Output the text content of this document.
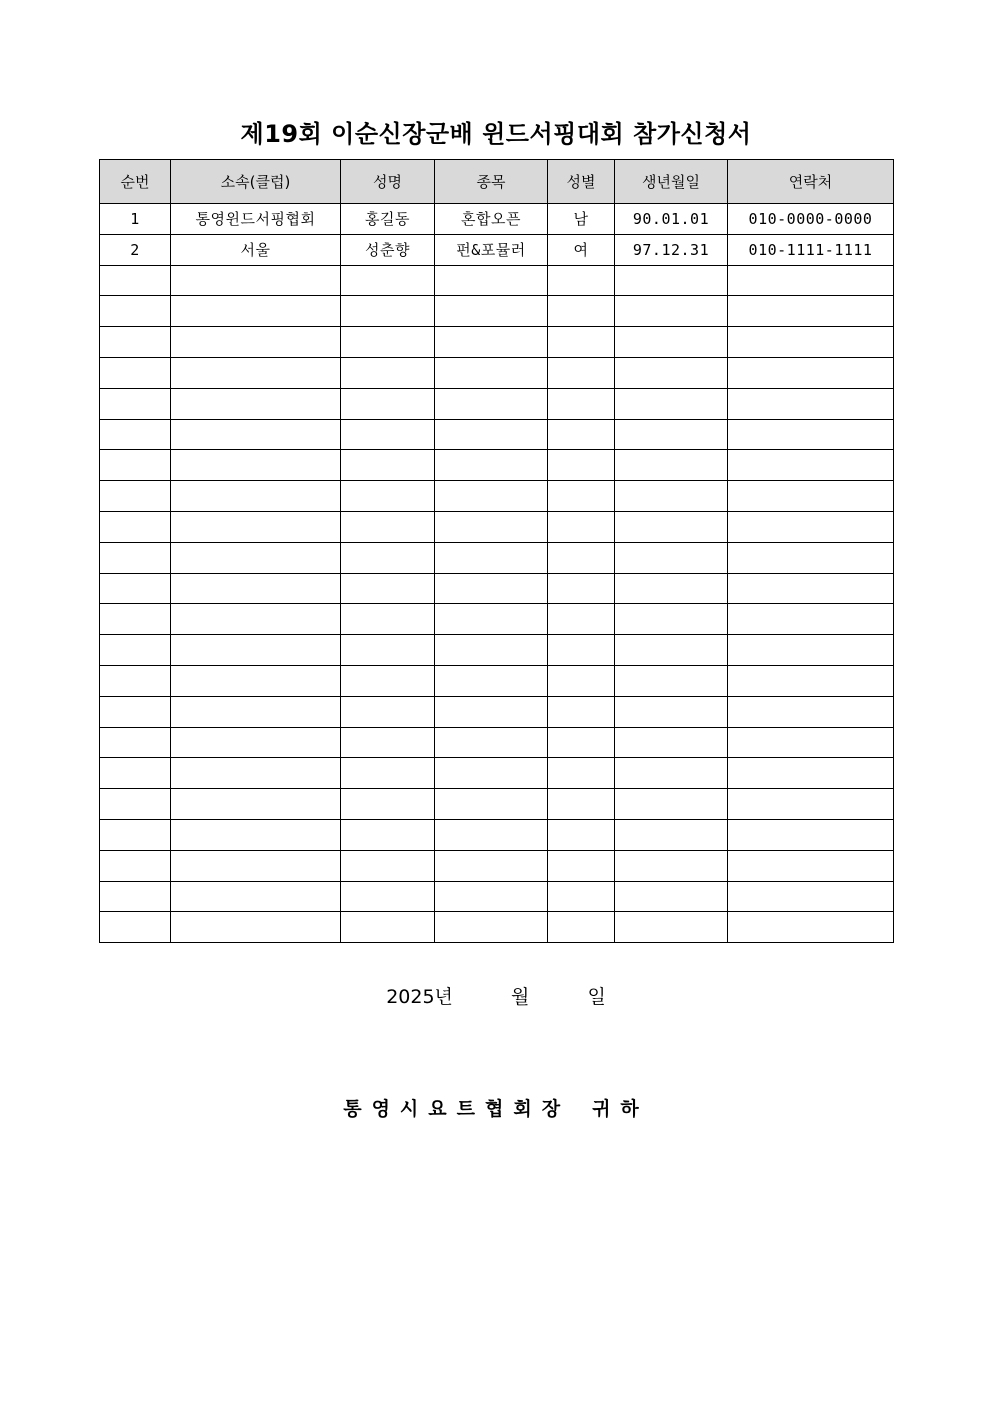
제19회 이순신장군배 윈드서핑대회 참가신청서
순번	소속(클럽)	성명	종목	성별	생년월일	연락처
1	통영윈드서핑협회	홍길동	혼합오픈	남	90.01.01	010-0000-0000
2	서울	성춘향	펀&포뮬러	여	97.12.31	010-1111-1111

2025년	월	일
통영시요트협회장 귀하
